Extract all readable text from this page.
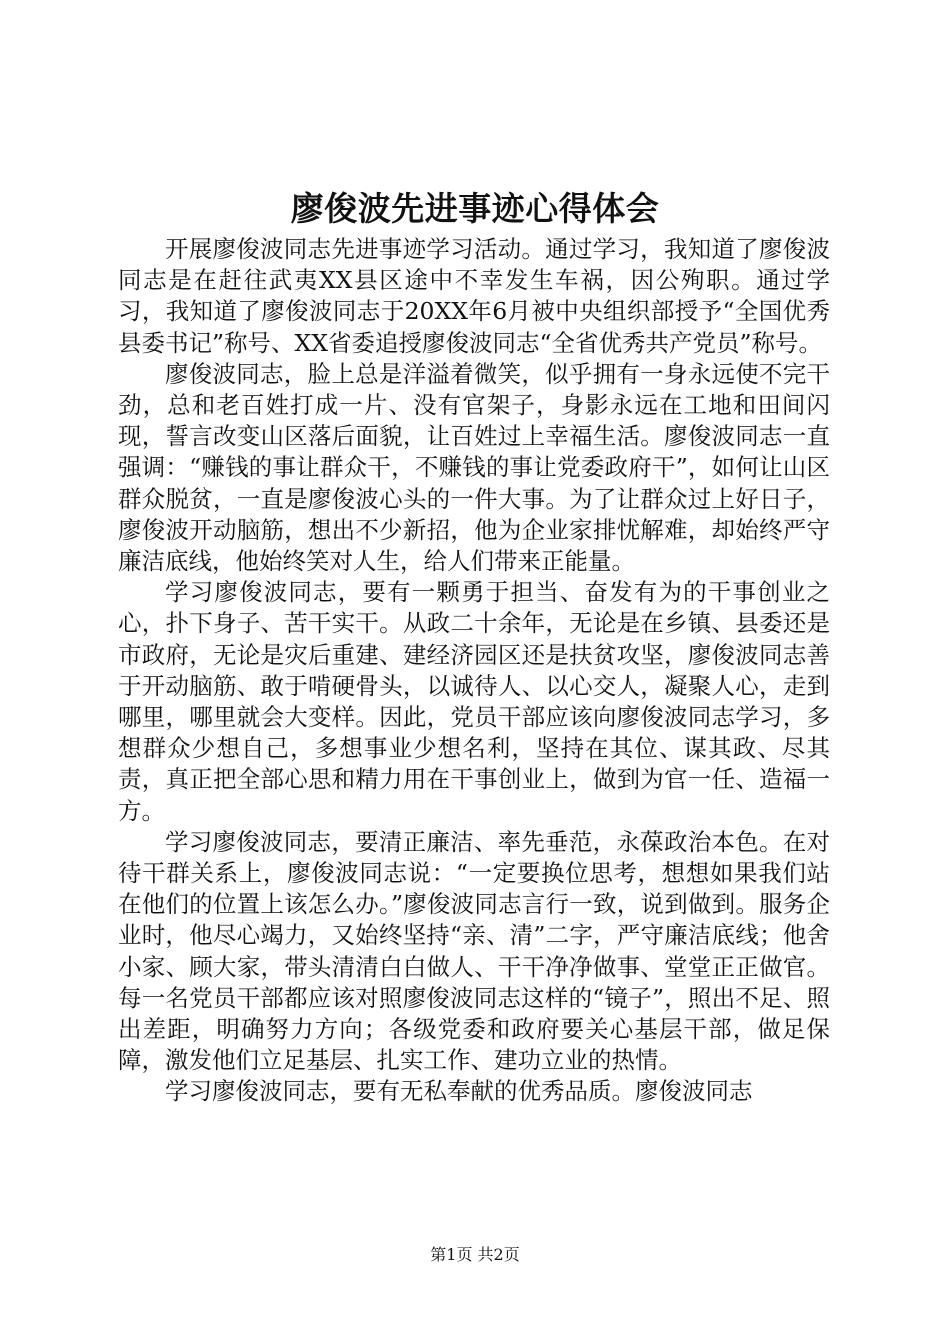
廖俊波先进事迹心得体会

开展廖俊波同志先进事迹学习活动。通过学习，我知道了廖俊波同志是在赶往武夷XX县区途中不幸发生车祸，因公殉职。通过学习，我知道了廖俊波同志于20XX年6月被中央组织部授予“全国优秀县委书记”称号、XX省委追授廖俊波同志“全省优秀共产党员”称号。

廖俊波同志，脸上总是洋溢着微笑，似乎拥有一身永远使不完干劲，总和老百姓打成一片、没有官架子，身影永远在工地和田间闪现，誓言改变山区落后面貌，让百姓过上幸福生活。廖俊波同志一直强调：“赚钱的事让群众干，不赚钱的事让党委政府干”，如何让山区群众脱贫，一直是廖俊波心头的一件大事。为了让群众过上好日子，廖俊波开动脑筋，想出不少新招，他为企业家排忧解难，却始终严守廉洁底线，他始终笑对人生，给人们带来正能量。

学习廖俊波同志，要有一颗勇于担当、奋发有为的干事创业之心，扑下身子、苦干实干。从政二十余年，无论是在乡镇、县委还是市政府，无论是灾后重建、建经济园区还是扶贫攻坚，廖俊波同志善于开动脑筋、敢于啃硬骨头，以诚待人、以心交人，凝聚人心，走到哪里，哪里就会大变样。因此，党员干部应该向廖俊波同志学习，多想群众少想自己，多想事业少想名利，坚持在其位、谋其政、尽其责，真正把全部心思和精力用在干事创业上，做到为官一任、造福一方。

学习廖俊波同志，要清正廉洁、率先垂范，永葆政治本色。在对待干群关系上，廖俊波同志说：“一定要换位思考，想想如果我们站在他们的位置上该怎么办。”廖俊波同志言行一致，说到做到。服务企业时，他尽心竭力，又始终坚持“亲、清”二字，严守廉洁底线；他舍小家、顾大家，带头清清白白做人、干干净净做事、堂堂正正做官。每一名党员干部都应该对照廖俊波同志这样的“镜子”，照出不足、照出差距，明确努力方向；各级党委和政府要关心基层干部，做足保障，激发他们立足基层、扎实工作、建功立业的热情。

学习廖俊波同志，要有无私奉献的优秀品质。廖俊波同志

第1页 共2页
